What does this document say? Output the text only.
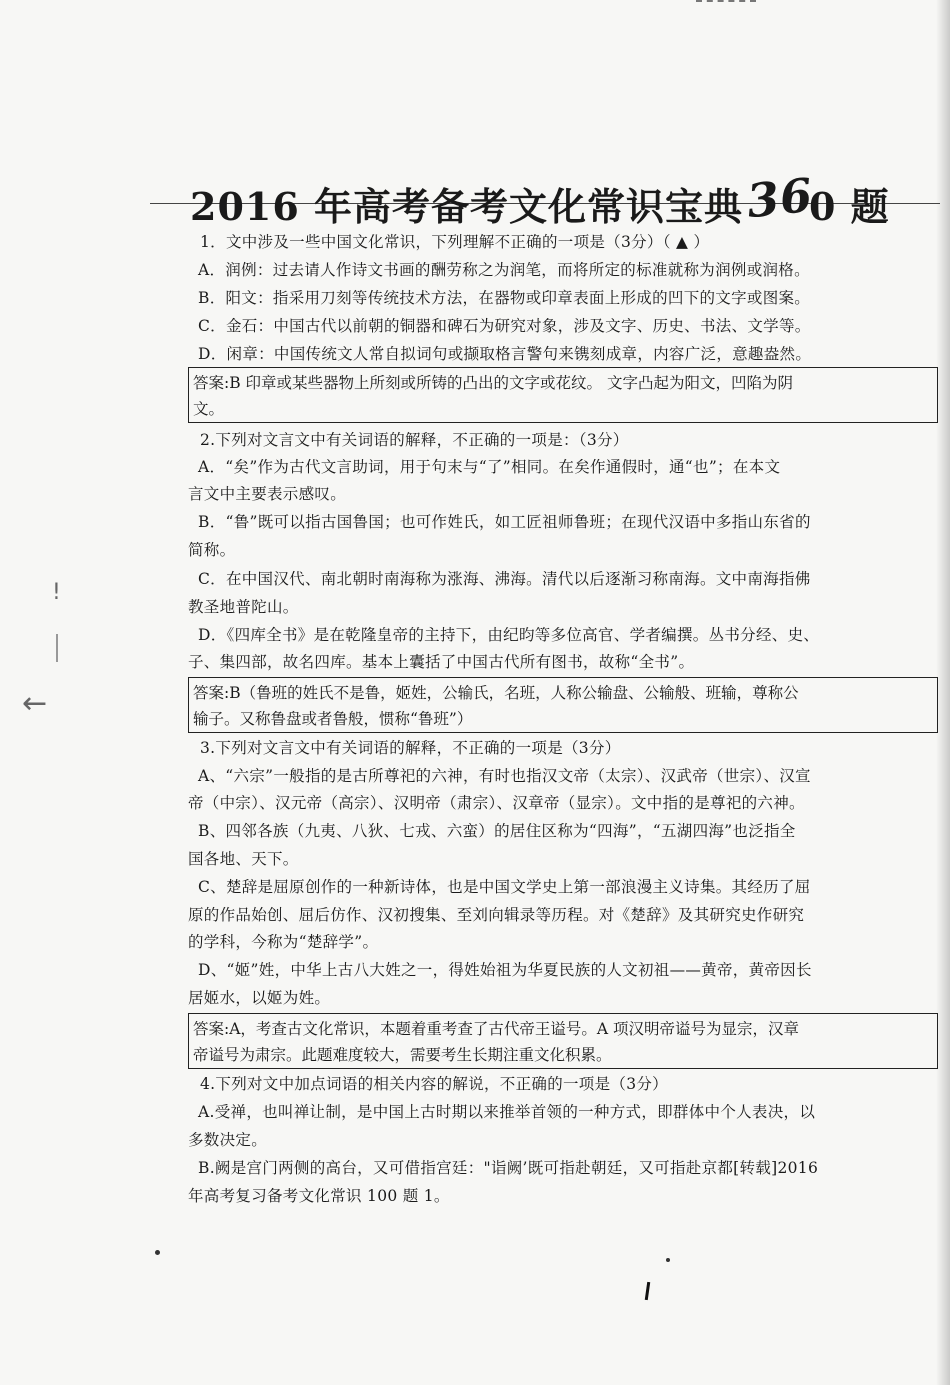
2016 年高考备考文化常识宝典360 题
1．文中涉及一些中国文化常识，下列理解不正确的一项是（3分）（ ▲ ）
A．润例：过去请人作诗文书画的酬劳称之为润笔，而将所定的标准就称为润例或润格。
B．阳文：指采用刀刻等传统技术方法，在器物或印章表面上形成的凹下的文字或图案。
C．金石：中国古代以前朝的铜器和碑石为研究对象，涉及文字、历史、书法、文学等。
D．闲章：中国传统文人常自拟词句或撷取格言警句来镌刻成章，内容广泛，意趣盎然。
答案:B 印章或某些器物上所刻或所铸的凸出的文字或花纹。 文字凸起为阳文，凹陷为阴
文。
2.下列对文言文中有关词语的解释，不正确的一项是：（3分）
A．“矣”作为古代文言助词，用于句末与“了”相同。在矣作通假时，通“也”；在本文
言文中主要表示感叹。
B．“鲁”既可以指古国鲁国；也可作姓氏，如工匠祖师鲁班；在现代汉语中多指山东省的
简称。
C．在中国汉代、南北朝时南海称为涨海、沸海。清代以后逐渐习称南海。文中南海指佛
教圣地普陀山。
D．《四库全书》是在乾隆皇帝的主持下，由纪昀等多位高官、学者编撰。丛书分经、史、
子、集四部，故名四库。基本上囊括了中国古代所有图书，故称“全书”。
答案:B（鲁班的姓氏不是鲁，姬姓，公输氏，名班，人称公输盘、公输般、班输，尊称公
输子。又称鲁盘或者鲁般，惯称“鲁班”）
3.下列对文言文中有关词语的解释，不正确的一项是（3分）
A、“六宗”一般指的是古所尊祀的六神，有时也指汉文帝（太宗）、汉武帝（世宗）、汉宣
帝（中宗）、汉元帝（高宗）、汉明帝（肃宗）、汉章帝（显宗）。文中指的是尊祀的六神。
B、四邻各族（九夷、八狄、七戎、六蛮）的居住区称为“四海”，“五湖四海”也泛指全
国各地、天下。
C、楚辞是屈原创作的一种新诗体，也是中国文学史上第一部浪漫主义诗集。其经历了屈
原的作品始创、屈后仿作、汉初搜集、至刘向辑录等历程。对《楚辞》及其研究史作研究
的学科，今称为“楚辞学”。
D、“姬”姓，中华上古八大姓之一，得姓始祖为华夏民族的人文初祖——黄帝，黄帝因长
居姬水，以姬为姓。
答案:A，考查古文化常识，本题着重考查了古代帝王谥号。A 项汉明帝谥号为显宗，汉章
帝谥号为肃宗。此题难度较大，需要考生长期注重文化积累。
4.下列对文中加点词语的相关内容的解说，不正确的一项是（3分）
A.受禅，也叫禅让制，是中国上古时期以来推举首领的一种方式，即群体中个人表决，以
多数决定。
B.阙是宫门两侧的高台，又可借指宫廷："诣阙’既可指赴朝廷，又可指赴京都[转载]2016
年高考复习备考文化常识 100 题 1。
←
!
